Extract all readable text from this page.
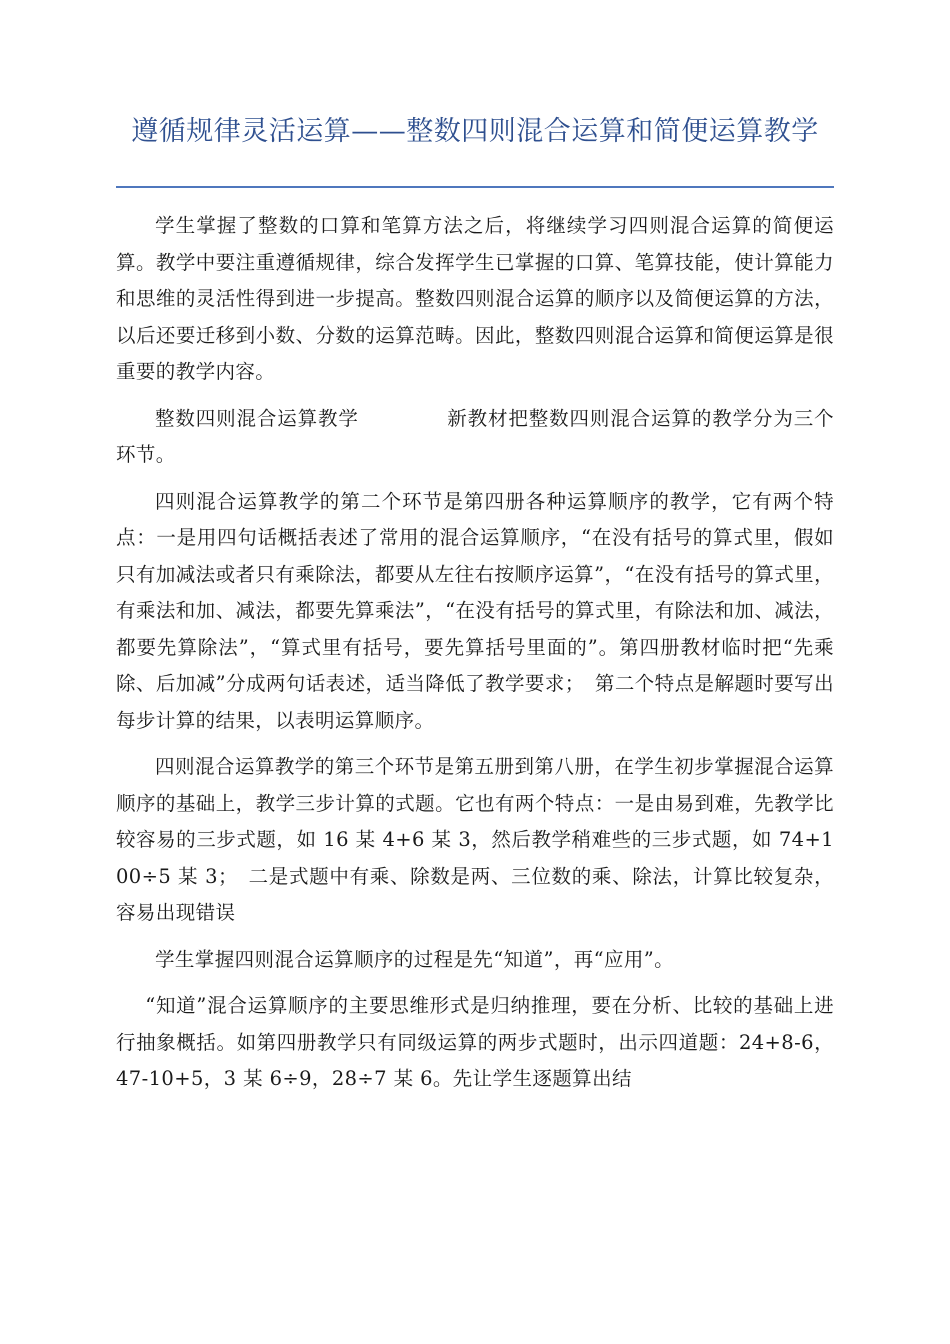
遵循规律灵活运算——整数四则混合运算和简便运算教学

学生掌握了整数的口算和笔算方法之后，将继续学习四则混合运算的简便运算。教学中要注重遵循规律，综合发挥学生已掌握的口算、笔算技能，使计算能力和思维的灵活性得到进一步提高。整数四则混合运算的顺序以及简便运算的方法，以后还要迁移到小数、分数的运算范畴。因此，整数四则混合运算和简便运算是很重要的教学内容。

整数四则混合运算教学	新教材把整数四则混合运算的教学分为三个环节。

四则混合运算教学的第二个环节是第四册各种运算顺序的教学，它有两个特点：一是用四句话概括表述了常用的混合运算顺序，“在没有括号的算式里，假如只有加减法或者只有乘除法，都要从左往右按顺序运算”，“在没有括号的算式里，有乘法和加、减法，都要先算乘法”，“在没有括号的算式里，有除法和加、减法，都要先算除法”，“算式里有括号，要先算括号里面的”。第四册教材临时把“先乘除、后加减”分成两句话表述，适当降低了教学要求；　第二个特点是解题时要写出每步计算的结果，以表明运算顺序。

四则混合运算教学的第三个环节是第五册到第八册，在学生初步掌握混合运算顺序的基础上，教学三步计算的式题。它也有两个特点：一是由易到难，先教学比较容易的三步式题，如 16 某 4+6 某 3，然后教学稍难些的三步式题，如 74+100÷5 某 3；　二是式题中有乘、除数是两、三位数的乘、除法，计算比较复杂，容易出现错误

学生掌握四则混合运算顺序的过程是先“知道”，再“应用”。

“知道”混合运算顺序的主要思维形式是归纳推理，要在分析、比较的基础上进行抽象概括。如第四册教学只有同级运算的两步式题时，出示四道题：24+8-6，47-10+5，3 某 6÷9，28÷7 某 6。先让学生逐题算出结
